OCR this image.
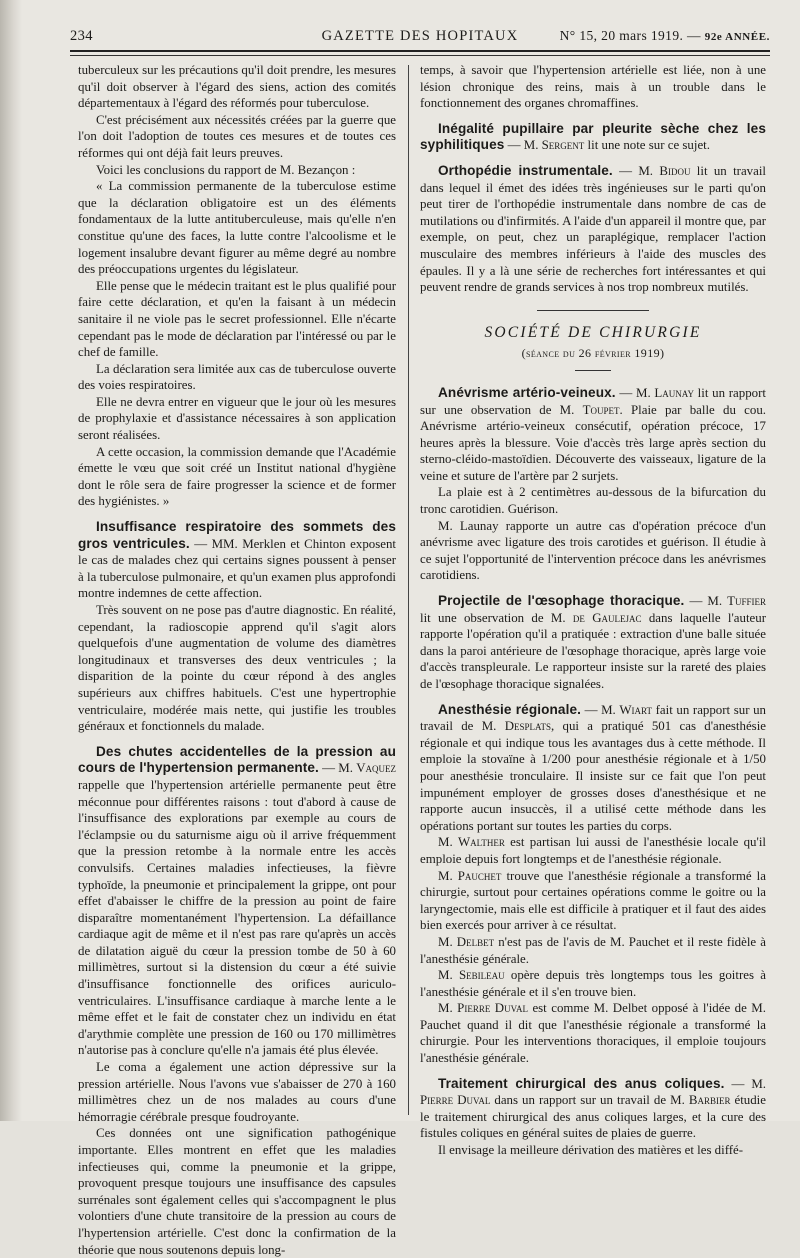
234	GAZETTE DES HOPITAUX	N° 15, 20 mars 1919. — 92e ANNÉE.

tuberculeux sur les précautions qu'il doit prendre, les mesures qu'il doit observer à l'égard des siens, action des comités départementaux à l'égard des réformés pour tuberculose.

C'est précisément aux nécessités créées par la guerre que l'on doit l'adoption de toutes ces mesures et de toutes ces réformes qui ont déjà fait leurs preuves.

Voici les conclusions du rapport de M. Bezançon :

« La commission permanente de la tuberculose estime que la déclaration obligatoire est un des éléments fondamentaux de la lutte antituberculeuse, mais qu'elle n'en constitue qu'une des faces, la lutte contre l'alcoolisme et le logement insalubre devant figurer au même degré au nombre des préoccupations urgentes du législateur.

Elle pense que le médecin traitant est le plus qualifié pour faire cette déclaration, et qu'en la faisant à un médecin sanitaire il ne viole pas le secret professionnel. Elle n'écarte cependant pas le mode de déclaration par l'intéressé ou par le chef de famille.

La déclaration sera limitée aux cas de tuberculose ouverte des voies respiratoires.

Elle ne devra entrer en vigueur que le jour où les mesures de prophylaxie et d'assistance nécessaires à son application seront réalisées.

A cette occasion, la commission demande que l'Académie émette le vœu que soit créé un Institut national d'hygiène dont le rôle sera de faire progresser la science et de former des hygiénistes. »

Insuffisance respiratoire des sommets des gros ventricules. — MM. Merklen et Chinton exposent le cas de malades chez qui certains signes poussent à penser à la tuberculose pulmonaire, et qu'un examen plus approfondi montre indemnes de cette affection.

Très souvent on ne pose pas d'autre diagnostic. En réalité, cependant, la radioscopie apprend qu'il s'agit alors quelquefois d'une augmentation de volume des diamètres longitudinaux et transverses des deux ventricules ; la disparition de la pointe du cœur répond à des angles supérieurs aux chiffres habituels. C'est une hypertrophie ventriculaire, modérée mais nette, qui justifie les troubles généraux et fonctionnels du malade.

Des chutes accidentelles de la pression au cours de l'hypertension permanente. — M. Vaquez rappelle que l'hypertension artérielle permanente peut être méconnue pour différentes raisons : tout d'abord à cause de l'insuffisance des explorations par exemple au cours de l'éclampsie ou du saturnisme aigu où il arrive fréquemment que la pression retombe à la normale entre les accès convulsifs. Certaines maladies infectieuses, la fièvre typhoïde, la pneumonie et principalement la grippe, ont pour effet d'abaisser le chiffre de la pression au point de faire disparaître momentanément l'hypertension. La défaillance cardiaque agit de même et il n'est pas rare qu'après un accès de dilatation aiguë du cœur la pression tombe de 50 à 60 millimètres, surtout si la distension du cœur a été suivie d'insuffisance fonctionnelle des orifices auriculo-ventriculaires. L'insuffisance cardiaque à marche lente a le même effet et le fait de constater chez un individu en état d'arythmie complète une pression de 160 ou 170 millimètres n'autorise pas à conclure qu'elle n'a jamais été plus élevée.

Le coma a également une action dépressive sur la pression artérielle. Nous l'avons vue s'abaisser de 270 à 160 millimètres chez un de nos malades au cours d'une hémorragie cérébrale presque foudroyante.

Ces données ont une signification pathogénique importante. Elles montrent en effet que les maladies infectieuses qui, comme la pneumonie et la grippe, provoquent presque toujours une insuffisance des capsules surrénales sont également celles qui s'accompagnent le plus volontiers d'une chute transitoire de la pression au cours de l'hypertension artérielle. C'est donc la confirmation de la théorie que nous soutenons depuis long-

temps, à savoir que l'hypertension artérielle est liée, non à une lésion chronique des reins, mais à un trouble dans le fonctionnement des organes chromaffines.

Inégalité pupillaire par pleurite sèche chez les syphilitiques — M. Sergent lit une note sur ce sujet.

Orthopédie instrumentale. — M. Bidou lit un travail dans lequel il émet des idées très ingénieuses sur le parti qu'on peut tirer de l'orthopédie instrumentale dans nombre de cas de mutilations ou d'infirmités. A l'aide d'un appareil il montre que, par exemple, on peut, chez un paraplégique, remplacer l'action musculaire des membres inférieurs à l'aide des muscles des épaules. Il y a là une série de recherches fort intéressantes et qui peuvent rendre de grands services à nos trop nombreux mutilés.

SOCIÉTÉ DE CHIRURGIE
(séance du 26 février 1919)

Anévrisme artério-veineux. — M. Launay lit un rapport sur une observation de M. Toupet. Plaie par balle du cou. Anévrisme artério-veineux consécutif, opération précoce, 17 heures après la blessure. Voie d'accès très large après section du sterno-cléido-mastoïdien. Découverte des vaisseaux, ligature de la veine et suture de l'artère par 2 surjets.

La plaie est à 2 centimètres au-dessous de la bifurcation du tronc carotidien. Guérison.

M. Launay rapporte un autre cas d'opération précoce d'un anévrisme avec ligature des trois carotides et guérison. Il étudie à ce sujet l'opportunité de l'intervention précoce dans les anévrismes carotidiens.

Projectile de l'œsophage thoracique. — M. Tuffier lit une observation de M. de Gaulejac dans laquelle l'auteur rapporte l'opération qu'il a pratiquée : extraction d'une balle située dans la paroi antérieure de l'œsophage thoracique, après large voie d'accès transpleurale. Le rapporteur insiste sur la rareté des plaies de l'œsophage thoracique signalées.

Anesthésie régionale. — M. Wiart fait un rapport sur un travail de M. Desplats, qui a pratiqué 501 cas d'anesthésie régionale et qui indique tous les avantages dus à cette méthode. Il emploie la stovaïne à 1/200 pour anesthésie régionale et à 1/50 pour anesthésie tronculaire. Il insiste sur ce fait que l'on peut impunément employer de grosses doses d'anesthésique et ne rapporte aucun insuccès, il a utilisé cette méthode dans les opérations portant sur toutes les parties du corps.

M. Walther est partisan lui aussi de l'anesthésie locale qu'il emploie depuis fort longtemps et de l'anesthésie régionale.

M. Pauchet trouve que l'anesthésie régionale a transformé la chirurgie, surtout pour certaines opérations comme le goitre ou la laryngectomie, mais elle est difficile à pratiquer et il faut des aides bien exercés pour arriver à ce résultat.

M. Delbet n'est pas de l'avis de M. Pauchet et il reste fidèle à l'anesthésie générale.

M. Sebileau opère depuis très longtemps tous les goitres à l'anesthésie générale et il s'en trouve bien.

M. Pierre Duval est comme M. Delbet opposé à l'idée de M. Pauchet quand il dit que l'anesthésie régionale a transformé la chirurgie. Pour les interventions thoraciques, il emploie toujours l'anesthésie générale.

Traitement chirurgical des anus coliques. — M. Pierre Duval dans un rapport sur un travail de M. Barbier étudie le traitement chirurgical des anus coliques larges, et la cure des fistules coliques en général suites de plaies de guerre.

Il envisage la meilleure dérivation des matières et les diffé-
